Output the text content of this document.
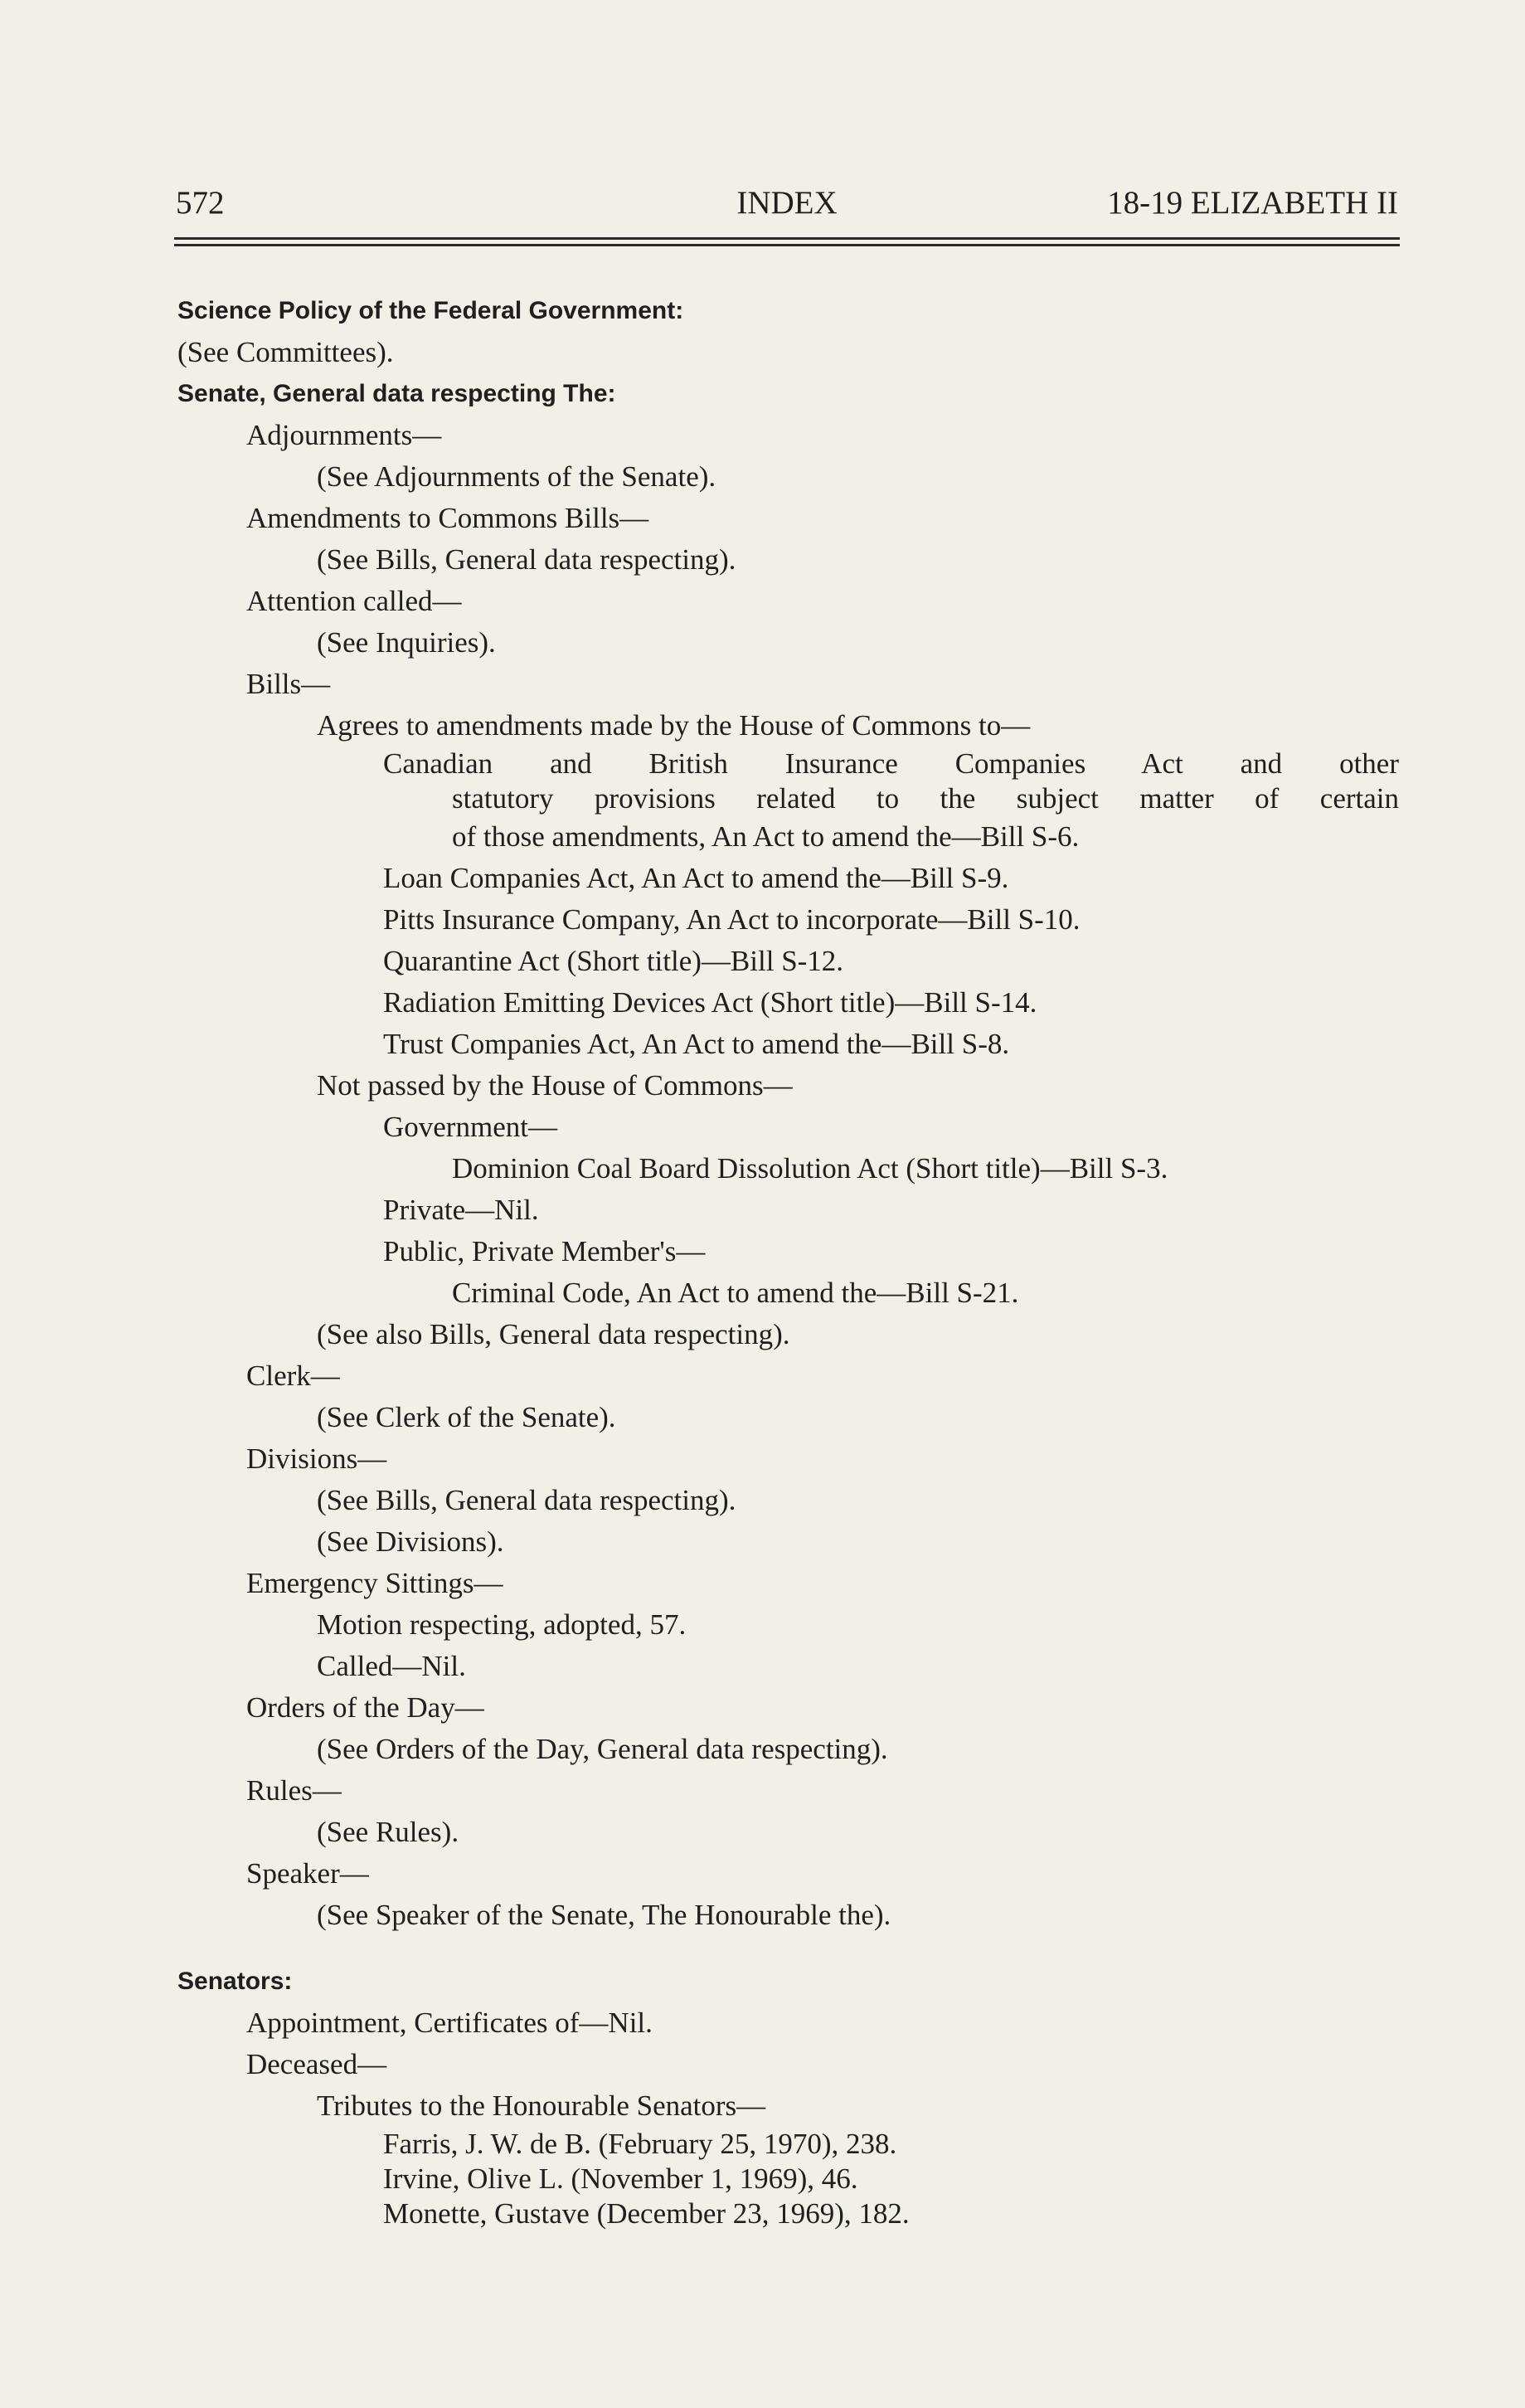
572	INDEX	18-19 ELIZABETH II
Science Policy of the Federal Government:
(See Committees).
Senate, General data respecting The:
Adjournments—
(See Adjournments of the Senate).
Amendments to Commons Bills—
(See Bills, General data respecting).
Attention called—
(See Inquiries).
Bills—
Agrees to amendments made by the House of Commons to—
Canadian and British Insurance Companies Act and other
statutory provisions related to the subject matter of certain
of those amendments, An Act to amend the—Bill S-6.
Loan Companies Act, An Act to amend the—Bill S-9.
Pitts Insurance Company, An Act to incorporate—Bill S-10.
Quarantine Act (Short title)—Bill S-12.
Radiation Emitting Devices Act (Short title)—Bill S-14.
Trust Companies Act, An Act to amend the—Bill S-8.
Not passed by the House of Commons—
Government—
Dominion Coal Board Dissolution Act (Short title)—Bill S-3.
Private—Nil.
Public, Private Member's—
Criminal Code, An Act to amend the—Bill S-21.
(See also Bills, General data respecting).
Clerk—
(See Clerk of the Senate).
Divisions—
(See Bills, General data respecting).
(See Divisions).
Emergency Sittings—
Motion respecting, adopted, 57.
Called—Nil.
Orders of the Day—
(See Orders of the Day, General data respecting).
Rules—
(See Rules).
Speaker—
(See Speaker of the Senate, The Honourable the).
Senators:
Appointment, Certificates of—Nil.
Deceased—
Tributes to the Honourable Senators—
Farris, J. W. de B. (February 25, 1970), 238.
Irvine, Olive L. (November 1, 1969), 46.
Monette, Gustave (December 23, 1969), 182.
